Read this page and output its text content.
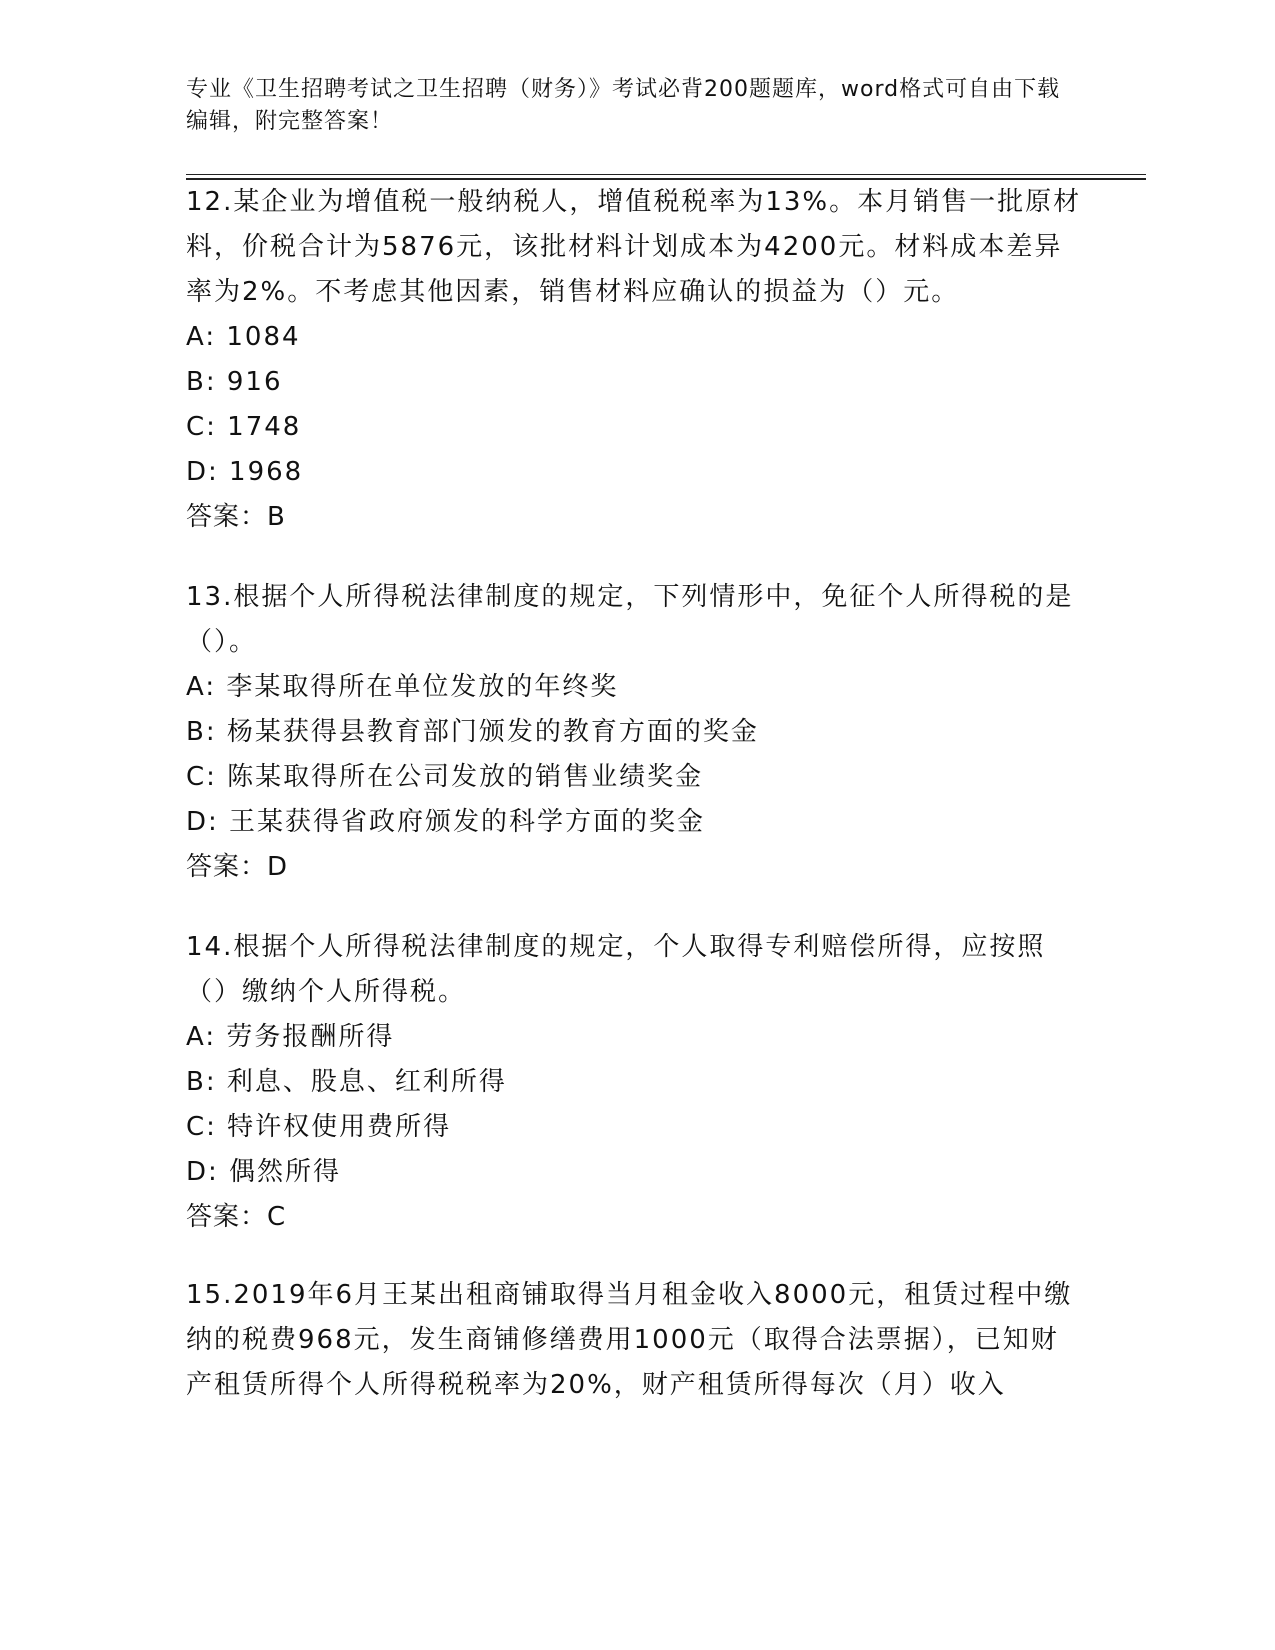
专业《卫生招聘考试之卫生招聘（财务）》考试必背200题题库，word格式可自由下载编辑，附完整答案！
12.某企业为增值税一般纳税人，增值税税率为13%。本月销售一批原材料，价税合计为5876元，该批材料计划成本为4200元。材料成本差异率为2%。不考虑其他因素，销售材料应确认的损益为（）元。
A: 1084
B: 916
C: 1748
D: 1968
答案：B
13.根据个人所得税法律制度的规定，下列情形中，免征个人所得税的是（）。
A: 李某取得所在单位发放的年终奖
B: 杨某获得县教育部门颁发的教育方面的奖金
C: 陈某取得所在公司发放的销售业绩奖金
D: 王某获得省政府颁发的科学方面的奖金
答案：D
14.根据个人所得税法律制度的规定，个人取得专利赔偿所得，应按照（）缴纳个人所得税。
A: 劳务报酬所得
B: 利息、股息、红利所得
C: 特许权使用费所得
D: 偶然所得
答案：C
15.2019年6月王某出租商铺取得当月租金收入8000元，租赁过程中缴纳的税费968元，发生商铺修缮费用1000元（取得合法票据），已知财产租赁所得个人所得税税率为20%，财产租赁所得每次（月）收入
